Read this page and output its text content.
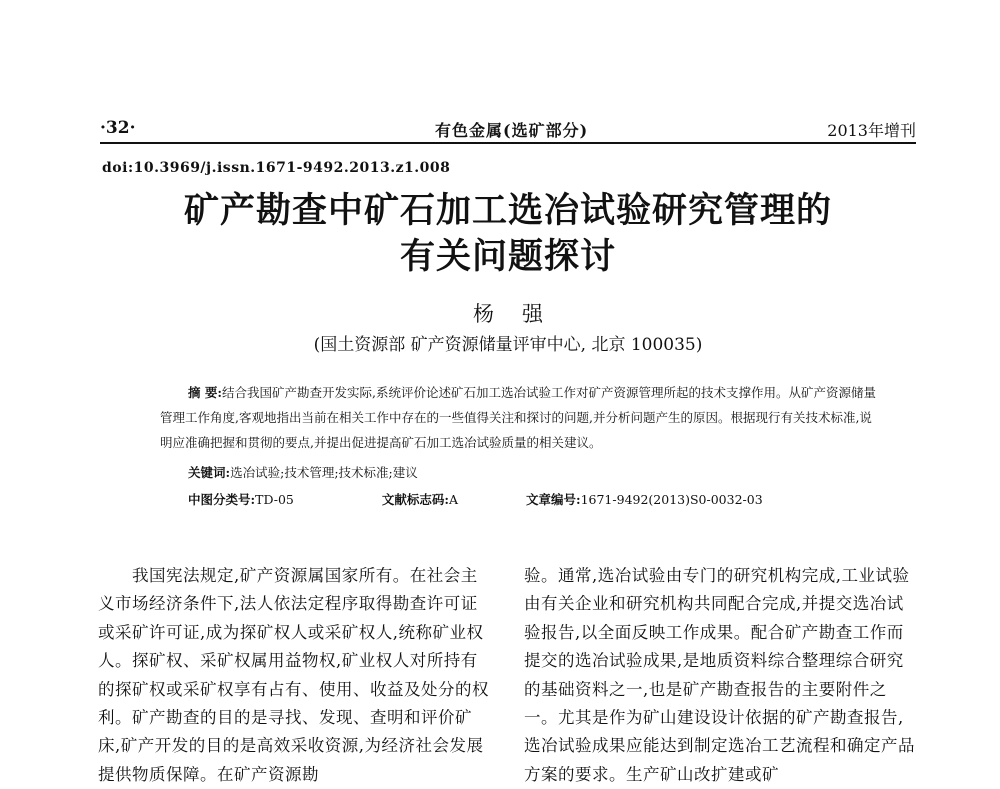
·32·	有色金属(选矿部分)	2013年增刊
doi:10.3969/j.issn.1671-9492.2013.z1.008
矿产勘查中矿石加工选冶试验研究管理的
有关问题探讨
杨强
(国土资源部 矿产资源储量评审中心, 北京 100035)
摘 要:结合我国矿产勘查开发实际,系统评价论述矿石加工选冶试验工作对矿产资源管理所起的技术支撑作用。从矿产资源储量管理工作角度,客观地指出当前在相关工作中存在的一些值得关注和探讨的问题,并分析问题产生的原因。根据现行有关技术标准,说明应准确把握和贯彻的要点,并提出促进提高矿石加工选冶试验质量的相关建议。
关键词:选冶试验;技术管理;技术标准;建议
中图分类号:TD-05	文献标志码:A	文章编号:1671-9492(2013)S0-0032-03

我国宪法规定,矿产资源属国家所有。在社会主义市场经济条件下,法人依法定程序取得勘查许可证或采矿许可证,成为探矿权人或采矿权人,统称矿业权人。探矿权、采矿权属用益物权,矿业权人对所持有的探矿权或采矿权享有占有、使用、收益及处分的权利。矿产勘查的目的是寻找、发现、查明和评价矿床,矿产开发的目的是高效采收资源,为经济社会发展提供物质保障。在矿产资源勘

验。通常,选冶试验由专门的研究机构完成,工业试验由有关企业和研究机构共同配合完成,并提交选冶试验报告,以全面反映工作成果。配合矿产勘查工作而提交的选冶试验成果,是地质资料综合整理综合研究的基础资料之一,也是矿产勘查报告的主要附件之一。尤其是作为矿山建设设计依据的矿产勘查报告,选冶试验成果应能达到制定选冶工艺流程和确定产品方案的要求。生产矿山改扩建或矿
